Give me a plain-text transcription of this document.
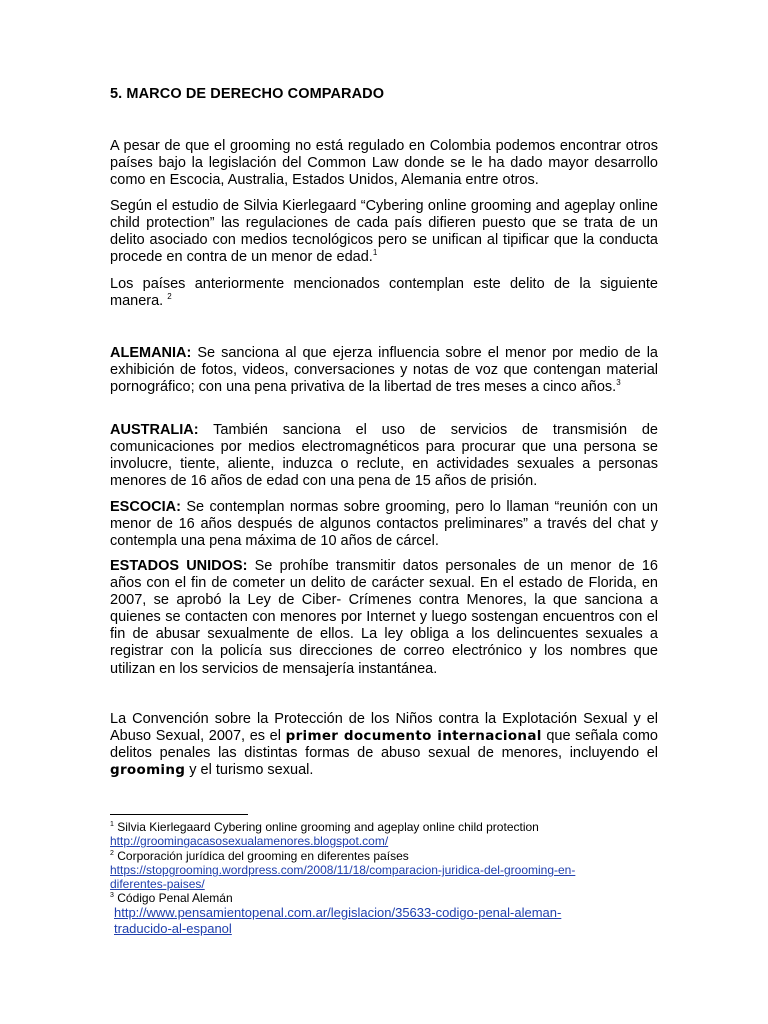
5. MARCO DE DERECHO COMPARADO
A pesar de que el grooming no está regulado en Colombia podemos encontrar otros países bajo la legislación del Common Law donde se le ha dado mayor desarrollo como en Escocia, Australia, Estados Unidos, Alemania entre otros.
Según el estudio de Silvia Kierlegaard “Cybering online grooming and ageplay online child protection” las regulaciones de cada país difieren puesto que se trata de un delito asociado con medios tecnológicos pero se unifican al tipificar que la conducta procede en contra de un menor de edad.$^1$
Los países anteriormente mencionados contemplan este delito de la siguiente manera. $^2$
ALEMANIA: Se sanciona al que ejerza influencia sobre el menor por medio de la exhibición de fotos, videos, conversaciones y notas de voz que contengan material pornográfico; con una pena privativa de la libertad de tres meses a cinco años.$^3$
AUSTRALIA: También sanciona el uso de servicios de transmisión de comunicaciones por medios electromagnéticos para procurar que una persona se involucre, tiente, aliente, induzca o reclute, en actividades sexuales a personas menores de 16 años de edad con una pena de 15 años de prisión.
ESCOCIA: Se contemplan normas sobre grooming, pero lo llaman “reunión con un menor de 16 años después de algunos contactos preliminares” a través del chat y contempla una pena máxima de 10 años de cárcel.
ESTADOS UNIDOS: Se prohíbe transmitir datos personales de un menor de 16 años con el fin de cometer un delito de carácter sexual. En el estado de Florida, en 2007, se aprobó la Ley de Ciber- Crímenes contra Menores, la que sanciona a quienes se contacten con menores por Internet y luego sostengan encuentros con el fin de abusar sexualmente de ellos. La ley obliga a los delincuentes sexuales a registrar con la policía sus direcciones de correo electrónico y los nombres que utilizan en los servicios de mensajería instantánea.
La Convención sobre la Protección de los Niños contra la Explotación Sexual y el Abuso Sexual, 2007, es el primer documento internacional que señala como delitos penales las distintas formas de abuso sexual de menores, incluyendo el grooming y el turismo sexual.
$^1$ Silvia Kierlegaard Cybering online grooming and ageplay online child protection
http://groomingacasosexualamenores.blogspot.com/
$^2$ Corporación jurídica del grooming en diferentes países
https://stopgrooming.wordpress.com/2008/11/18/comparacion-juridica-del-grooming-en-diferentes-paises/
$^3$ Código Penal Alemán
http://www.pensamientopenal.com.ar/legislacion/35633-codigo-penal-aleman-traducido-al-espanol
